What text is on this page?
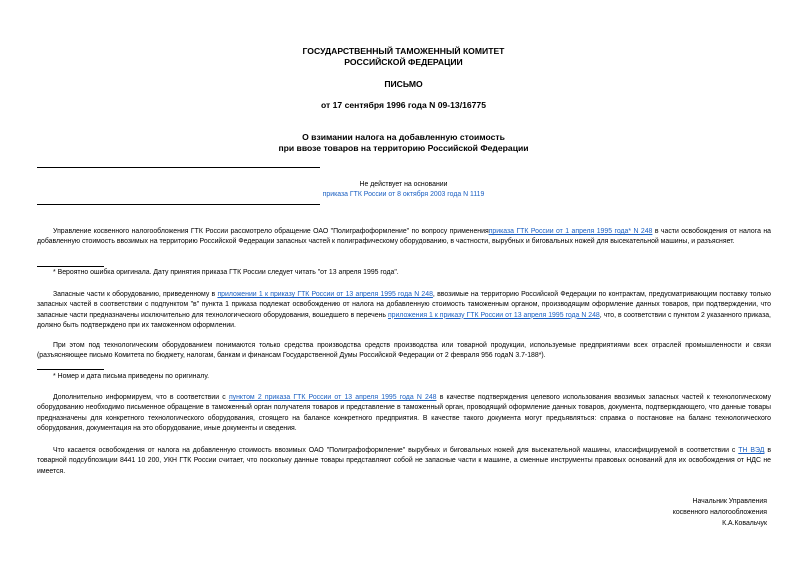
ГОСУДАРСТВЕННЫЙ ТАМОЖЕННЫЙ КОМИТЕТ
РОССИЙСКОЙ ФЕДЕРАЦИИ
ПИСЬМО
от 17 сентября 1996 года N 09-13/16775
О взимании налога на добавленную стоимость
при ввозе товаров на территорию Российской Федерации
Не действует на основании
приказа ГТК России от 8 октября 2003 года N 1119
Управление косвенного налогообложения ГТК России рассмотрело обращение ОАО "Полиграфоформление" по вопросу примененияприказа ГТК России от 1 апреля 1995 года* N 248 в части освобождения от налога на добавленную стоимость ввозимых на территорию Российской Федерации запасных частей к полиграфическому оборудованию, в частности, вырубных и биговальных ножей для высекательной машины, и разъясняет.
* Вероятно ошибка оригинала. Дату принятия приказа ГТК России следует читать "от 13 апреля 1995 года".
Запасные части к оборудованию, приведенному в приложении 1 к приказу ГТК России от 13 апреля 1995 года N 248, ввозимые на территорию Российской Федерации по контрактам, предусматривающим поставку только запасных частей в соответствии с подпунктом "в" пункта 1 приказа подлежат освобождению от налога на добавленную стоимость таможенным органом, производящим оформление данных товаров, при подтверждении, что запасные части предназначены исключительно для технологического оборудования, вошедшего в перечень приложения 1 к приказу ГТК России от 13 апреля 1995 года N 248, что, в соответствии с пунктом 2 указанного приказа, должно быть подтверждено при их таможенном оформлении.
При этом под технологическим оборудованием понимаются только средства производства средств производства или товарной продукции, используемые предприятиями всех отраслей промышленности и связи (разъясняющее письмо Комитета по бюджету, налогам, банкам и финансам Государственной Думы Российской Федерации от 2 февраля 956 годаN 3.7-188*).
* Номер и дата письма приведены по оригиналу.
Дополнительно информируем, что в соответствии с пунктом 2 приказа ГТК России от 13 апреля 1995 года N 248 в качестве подтверждения целевого использования ввозимых запасных частей к технологическому оборудованию необходимо письменное обращение в таможенный орган получателя товаров и представление в таможенный орган, проводящий оформление данных товаров, документа, подтверждающего, что данные товары предназначены для конкретного технологического оборудования, стоящего на балансе конкретного предприятия. В качестве такого документа могут предъявляться: справка о постановке на баланс технологического оборудования, документация на это оборудование, иные документы и сведения.
Что касается освобождения от налога на добавленную стоимость ввозимых ОАО "Полиграфоформление" вырубных и биговальных ножей для высекательной машины, классифицируемой в соответствии с ТН ВЭД в товарной подсубпозиции 8441 10 200, УКН ГТК России считает, что поскольку данные товары представляют собой не запасные части к машине, а сменные инструменты правовых оснований для их освобождения от НДС не имеется.
Начальник Управления
косвенного налогообложения
К.А.Ковальчук
